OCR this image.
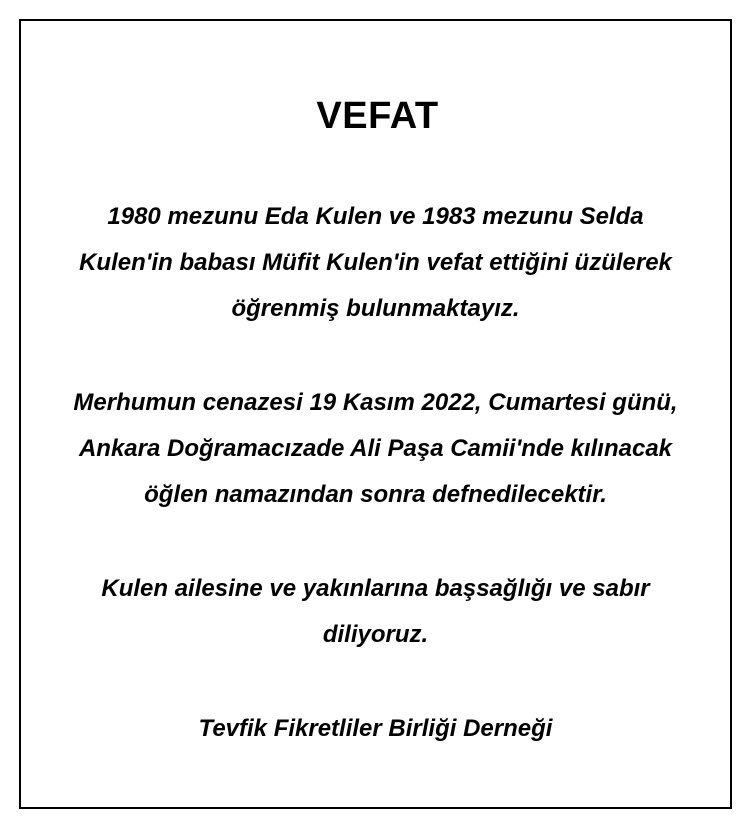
VEFAT

1980 mezunu Eda Kulen ve 1983 mezunu Selda
Kulen'in babası Müfit Kulen'in vefat ettiğini üzülerek
öğrenmiş bulunmaktayız.

Merhumun cenazesi 19 Kasım 2022, Cumartesi günü,
Ankara Doğramacızade Ali Paşa Camii'nde kılınacak
öğlen namazından sonra defnedilecektir.

Kulen ailesine ve yakınlarına başsağlığı ve sabır
diliyoruz.

Tevfik Fikretliler Birliği Derneği
